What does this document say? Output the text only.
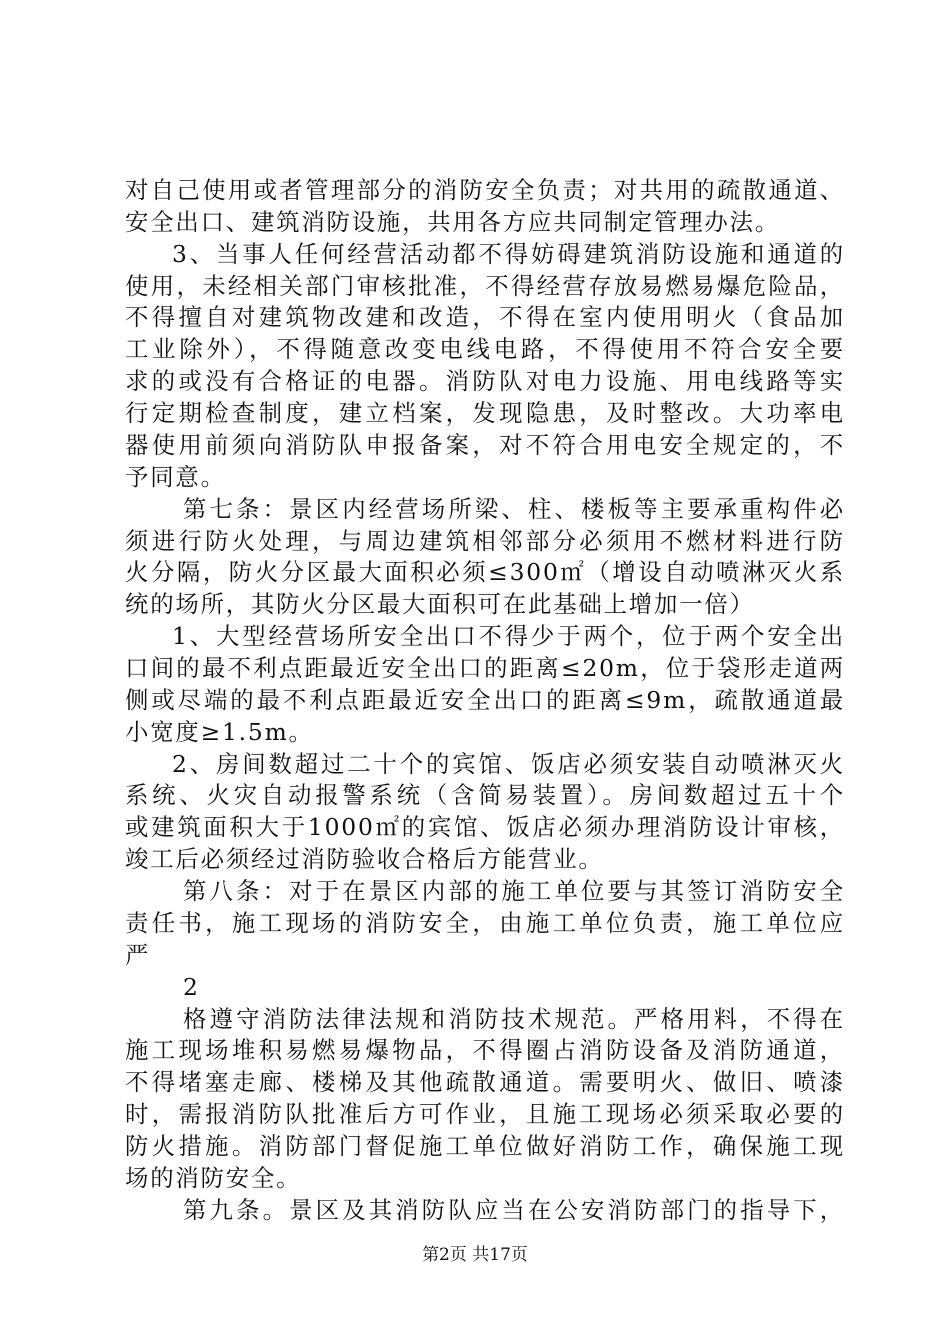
对自己使用或者管理部分的消防安全负责；对共用的疏散通道、
安全出口、建筑消防设施，共用各方应共同制定管理办法。
3、当事人任何经营活动都不得妨碍建筑消防设施和通道的
使用，未经相关部门审核批准，不得经营存放易燃易爆危险品，
不得擅自对建筑物改建和改造，不得在室内使用明火（食品加
工业除外），不得随意改变电线电路，不得使用不符合安全要
求的或没有合格证的电器。消防队对电力设施、用电线路等实
行定期检查制度，建立档案，发现隐患，及时整改。大功率电
器使用前须向消防队申报备案，对不符合用电安全规定的，不
予同意。
第七条：景区内经营场所梁、柱、楼板等主要承重构件必
须进行防火处理，与周边建筑相邻部分必须用不燃材料进行防
火分隔，防火分区最大面积必须≤300㎡（增设自动喷淋灭火系
统的场所，其防火分区最大面积可在此基础上增加一倍）
1、大型经营场所安全出口不得少于两个，位于两个安全出
口间的最不利点距最近安全出口的距离≤20m，位于袋形走道两
侧或尽端的最不利点距最近安全出口的距离≤9m，疏散通道最
小宽度≥1.5m。
2、房间数超过二十个的宾馆、饭店必须安装自动喷淋灭火
系统、火灾自动报警系统（含简易装置）。房间数超过五十个
或建筑面积大于1000㎡的宾馆、饭店必须办理消防设计审核，
竣工后必须经过消防验收合格后方能营业。
第八条：对于在景区内部的施工单位要与其签订消防安全
责任书，施工现场的消防安全，由施工单位负责，施工单位应
严
2
格遵守消防法律法规和消防技术规范。严格用料，不得在
施工现场堆积易燃易爆物品，不得圈占消防设备及消防通道，
不得堵塞走廊、楼梯及其他疏散通道。需要明火、做旧、喷漆
时，需报消防队批准后方可作业，且施工现场必须采取必要的
防火措施。消防部门督促施工单位做好消防工作，确保施工现
场的消防安全。
第九条。景区及其消防队应当在公安消防部门的指导下，
第2页 共17页
